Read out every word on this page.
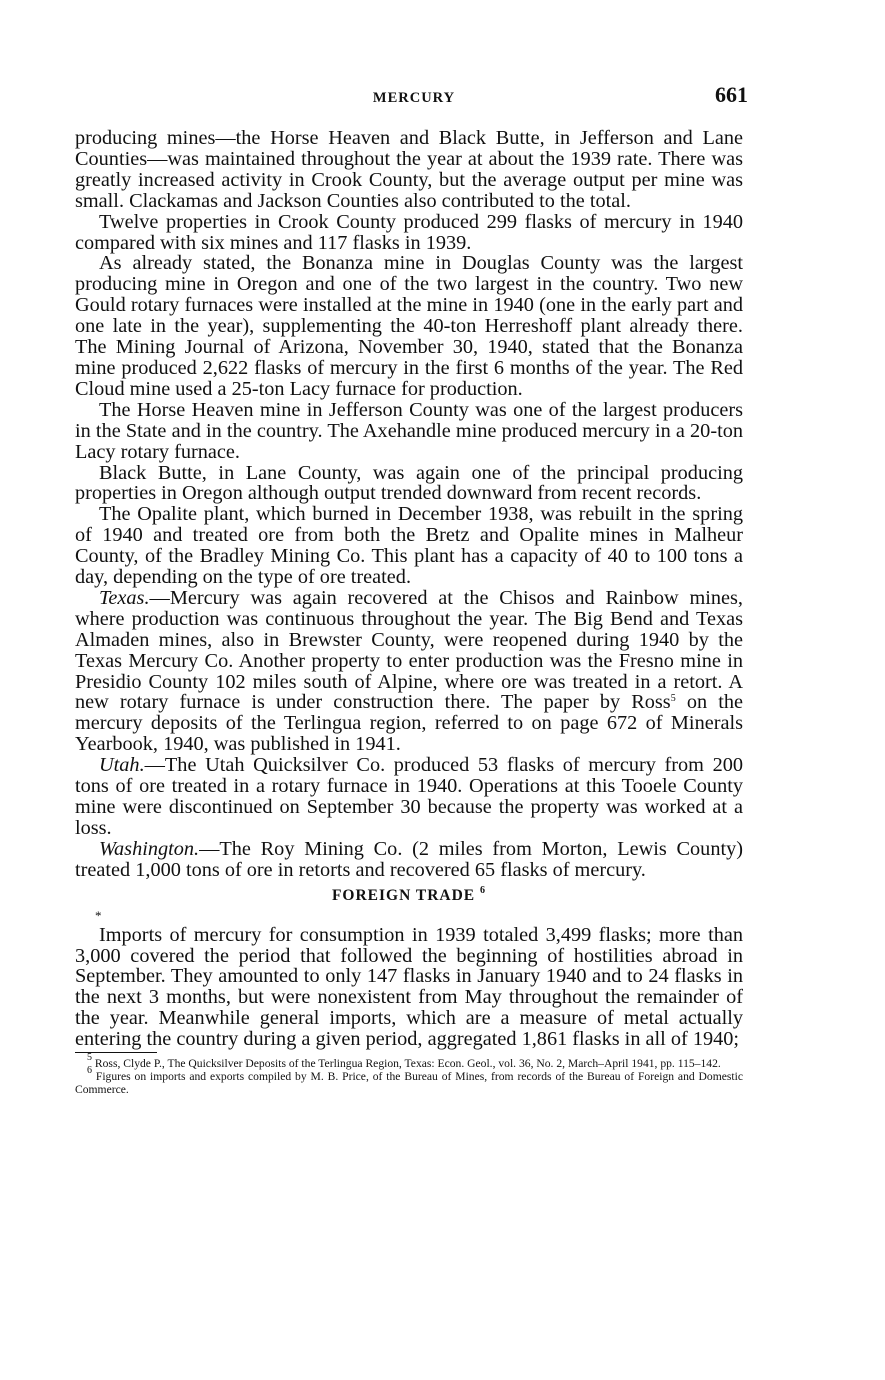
MERCURY	661

producing mines—the Horse Heaven and Black Butte, in Jefferson and Lane Counties—was maintained throughout the year at about the 1939 rate. There was greatly increased activity in Crook County, but the average output per mine was small. Clackamas and Jackson Counties also contributed to the total.

Twelve properties in Crook County produced 299 flasks of mercury in 1940 compared with six mines and 117 flasks in 1939.

As already stated, the Bonanza mine in Douglas County was the largest producing mine in Oregon and one of the two largest in the country. Two new Gould rotary furnaces were installed at the mine in 1940 (one in the early part and one late in the year), supplementing the 40-ton Herreshoff plant already there. The Mining Journal of Arizona, November 30, 1940, stated that the Bonanza mine produced 2,622 flasks of mercury in the first 6 months of the year. The Red Cloud mine used a 25-ton Lacy furnace for production.

The Horse Heaven mine in Jefferson County was one of the largest producers in the State and in the country. The Axehandle mine produced mercury in a 20-ton Lacy rotary furnace.

Black Butte, in Lane County, was again one of the principal producing properties in Oregon although output trended downward from recent records.

The Opalite plant, which burned in December 1938, was rebuilt in the spring of 1940 and treated ore from both the Bretz and Opalite mines in Malheur County, of the Bradley Mining Co. This plant has a capacity of 40 to 100 tons a day, depending on the type of ore treated.

Texas.—Mercury was again recovered at the Chisos and Rainbow mines, where production was continuous throughout the year. The Big Bend and Texas Almaden mines, also in Brewster County, were reopened during 1940 by the Texas Mercury Co. Another property to enter production was the Fresno mine in Presidio County 102 miles south of Alpine, where ore was treated in a retort. A new rotary furnace is under construction there. The paper by Ross$^5$ on the mercury deposits of the Terlingua region, referred to on page 672 of Minerals Yearbook, 1940, was published in 1941.

Utah.—The Utah Quicksilver Co. produced 53 flasks of mercury from 200 tons of ore treated in a rotary furnace in 1940. Operations at this Tooele County mine were discontinued on September 30 because the property was worked at a loss.

Washington.—The Roy Mining Co. (2 miles from Morton, Lewis County) treated 1,000 tons of ore in retorts and recovered 65 flasks of mercury.

FOREIGN TRADE $^6$
*

Imports of mercury for consumption in 1939 totaled 3,499 flasks; more than 3,000 covered the period that followed the beginning of hostilities abroad in September. They amounted to only 147 flasks in January 1940 and to 24 flasks in the next 3 months, but were nonexistent from May throughout the remainder of the year. Meanwhile general imports, which are a measure of metal actually entering the country during a given period, aggregated 1,861 flasks in all of 1940;

$^5$ Ross, Clyde P., The Quicksilver Deposits of the Terlingua Region, Texas: Econ. Geol., vol. 36, No. 2, March–April 1941, pp. 115–142.

$^6$ Figures on imports and exports compiled by M. B. Price, of the Bureau of Mines, from records of the Bureau of Foreign and Domestic Commerce.
